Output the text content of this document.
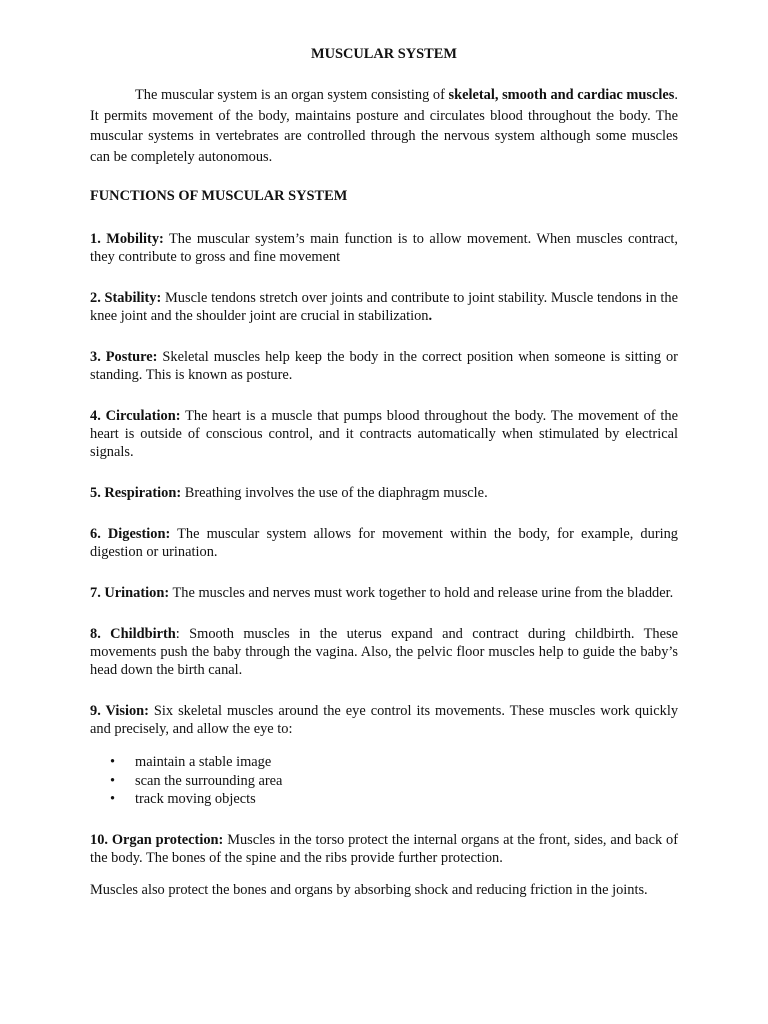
MUSCULAR SYSTEM

The muscular system is an organ system consisting of skeletal, smooth and cardiac muscles. It permits movement of the body, maintains posture and circulates blood throughout the body. The muscular systems in vertebrates are controlled through the nervous system although some muscles can be completely autonomous.

FUNCTIONS OF MUSCULAR SYSTEM

1. Mobility: The muscular system’s main function is to allow movement. When muscles contract, they contribute to gross and fine movement

2. Stability: Muscle tendons stretch over joints and contribute to joint stability. Muscle tendons in the knee joint and the shoulder joint are crucial in stabilization.

3. Posture: Skeletal muscles help keep the body in the correct position when someone is sitting or standing. This is known as posture.

4. Circulation: The heart is a muscle that pumps blood throughout the body. The movement of the heart is outside of conscious control, and it contracts automatically when stimulated by electrical signals.

5. Respiration: Breathing involves the use of the diaphragm muscle.

6. Digestion: The muscular system allows for movement within the body, for example, during digestion or urination.

7. Urination: The muscles and nerves must work together to hold and release urine from the bladder.

8. Childbirth: Smooth muscles in the uterus expand and contract during childbirth. These movements push the baby through the vagina. Also, the pelvic floor muscles help to guide the baby’s head down the birth canal.

9. Vision: Six skeletal muscles around the eye control its movements. These muscles work quickly and precisely, and allow the eye to:

• maintain a stable image
• scan the surrounding area
• track moving objects

10. Organ protection: Muscles in the torso protect the internal organs at the front, sides, and back of the body. The bones of the spine and the ribs provide further protection.

Muscles also protect the bones and organs by absorbing shock and reducing friction in the joints.
